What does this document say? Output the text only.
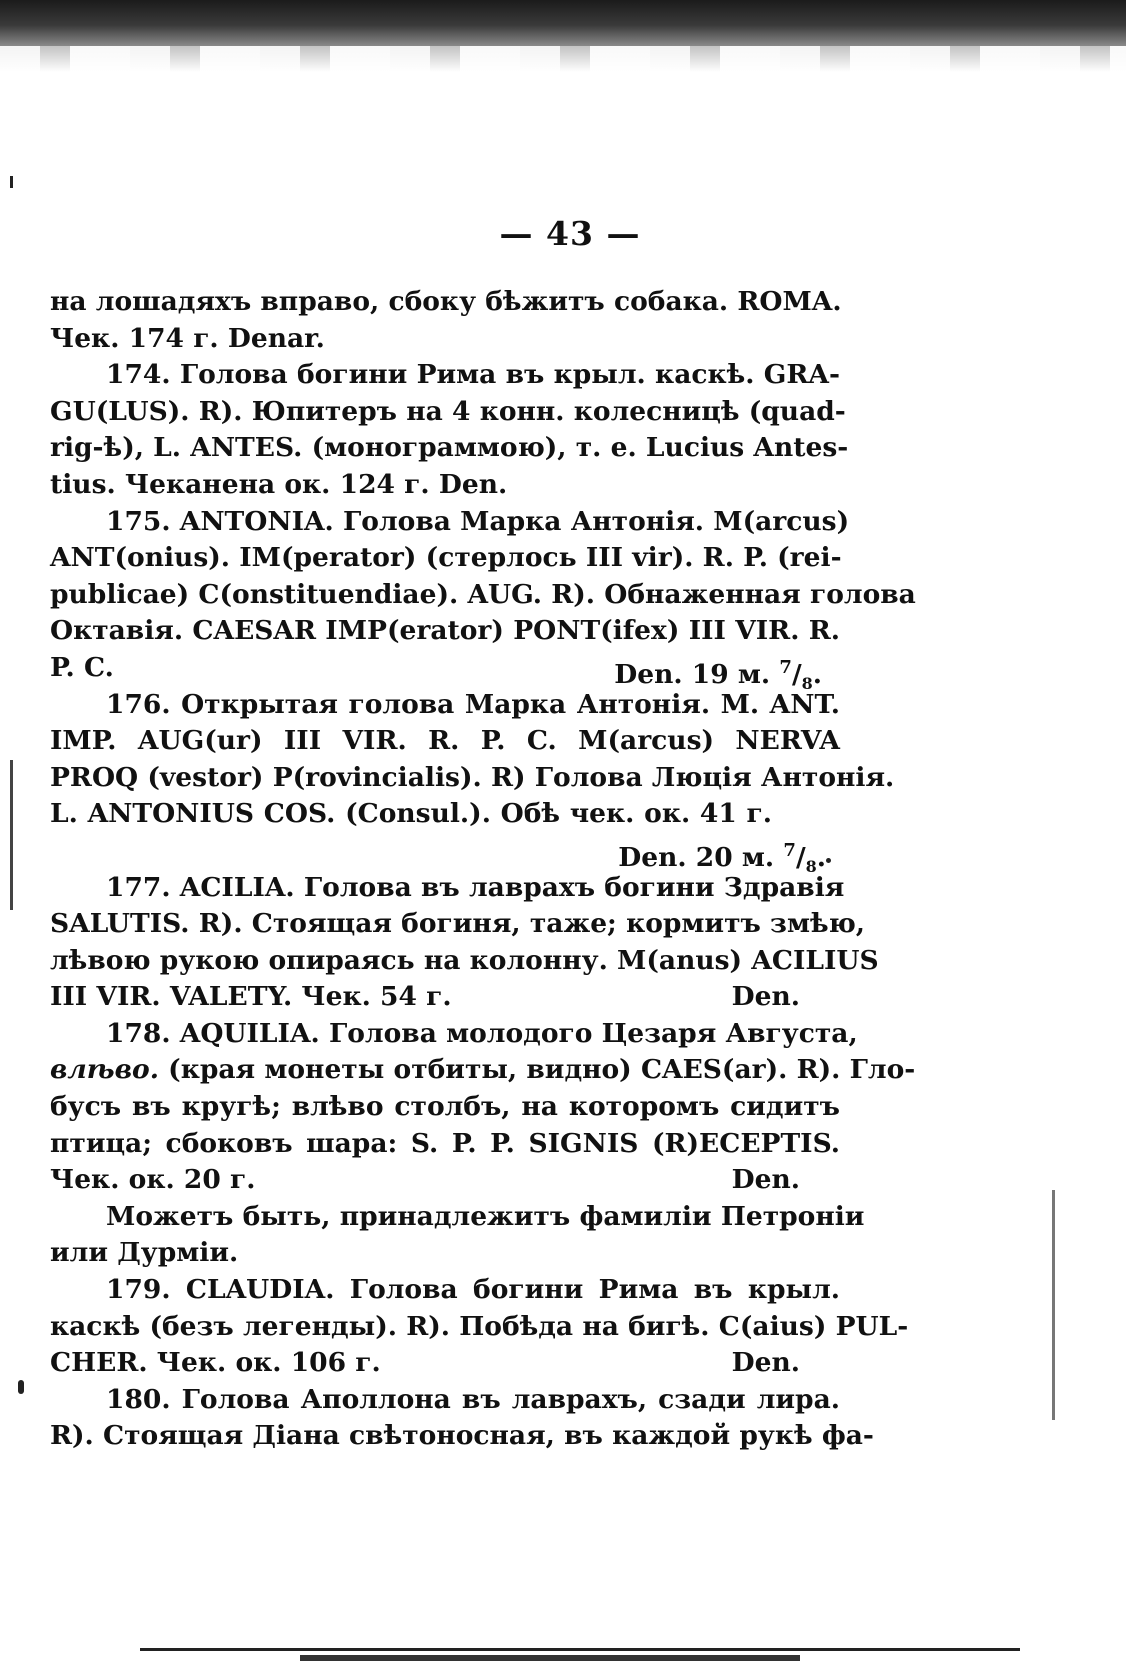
— 43 —
на лошадяхъ вправо, сбоку бѣжитъ собака. ROMA.
Чек. 174 г. Denar.
174. Голова богини Рима въ крыл. каскѣ. GRA-
GU(LUS). R). Юпитеръ на 4 конн. колесницѣ (quad-
rig-ѣ), L. ANTES. (монограммою), т. е. Lucius Antes-
tius. Чеканена ок. 124 г. Den.
175. ANTONIA. Голова Марка Антонія. M(arcus)
ANT(onius). IM(perator) (стерлось III vir). R. P. (rei-
publicae) C(onstituendiae). AUG. R). Обнаженная голова
Октавія. CAESAR IMP(erator) PONT(ifex) III VIR. R.
P. C.	Den. 19 м. $^7/_8$.
176. Открытая голова Марка Антонія. M. ANT.
IMP. AUG(ur) III VIR. R. P. C. M(arcus) NERVA
PROQ (vestor) P(rovincialis). R) Голова Люція Антонія.
L. ANTONIUS COS. (Consul.). Обѣ чек. ок. 41 г.
Den. 20 м. $^7/_8$.
177. ACILIA. Голова въ лаврахъ богини Здравія
SALUTIS. R). Стоящая богиня, таже; кормитъ змѣю,
лѣвою рукою опираясь на колонну. M(anus) ACILIUS
III VIR. VALETY. Чек. 54 г.	Den.
178. AQUILIA. Голова молодого Цезаря Августа,
влѣво. (края монеты отбиты, видно) CAES(ar). R). Гло-
бусъ въ кругѣ; влѣво столбъ, на которомъ сидитъ
птица; сбоковъ шара: S. P. P. SIGNIS (R)ECEPTIS.
Чек. ок. 20 г.	Den.
Можетъ быть, принадлежитъ фамиліи Петроніи
или Дурміи.
179. CLAUDIA. Голова богини Рима въ крыл.
каскѣ (безъ легенды). R). Побѣда на бигѣ. C(aius) PUL-
CHER. Чек. ок. 106 г.	Den.
180. Голова Аполлона въ лаврахъ, сзади лира.
R). Стоящая Діана свѣтоносная, въ каждой рукѣ фа-
